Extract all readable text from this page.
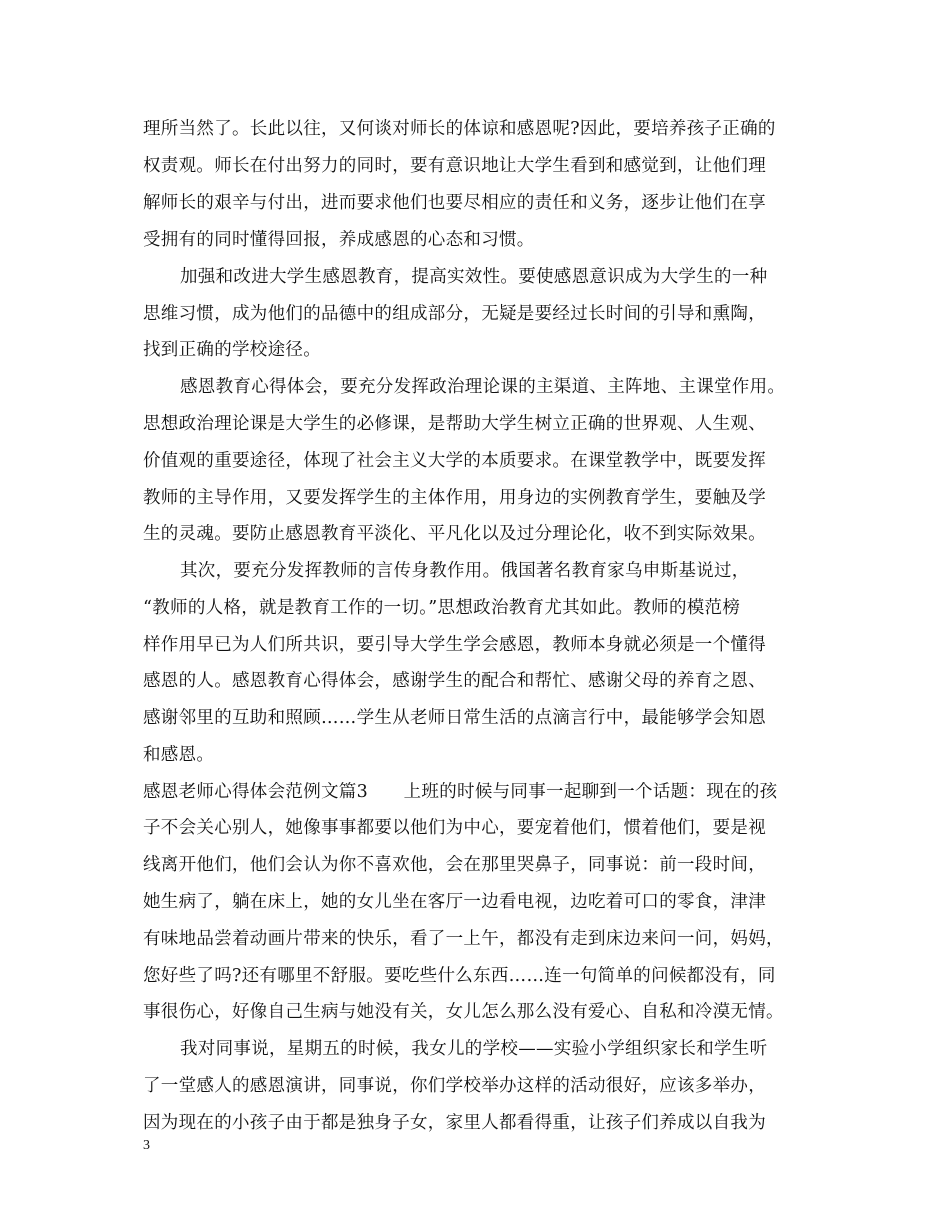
理所当然了。长此以往，又何谈对师长的体谅和感恩呢?因此，要培养孩子正确的
权责观。师长在付出努力的同时，要有意识地让大学生看到和感觉到，让他们理
解师长的艰辛与付出，进而要求他们也要尽相应的责任和义务，逐步让他们在享
受拥有的同时懂得回报，养成感恩的心态和习惯。
加强和改进大学生感恩教育，提高实效性。要使感恩意识成为大学生的一种
思维习惯，成为他们的品德中的组成部分，无疑是要经过长时间的引导和熏陶，
找到正确的学校途径。
感恩教育心得体会，要充分发挥政治理论课的主渠道、主阵地、主课堂作用。
思想政治理论课是大学生的必修课，是帮助大学生树立正确的世界观、人生观、
价值观的重要途径，体现了社会主义大学的本质要求。在课堂教学中，既要发挥
教师的主导作用，又要发挥学生的主体作用，用身边的实例教育学生，要触及学
生的灵魂。要防止感恩教育平淡化、平凡化以及过分理论化，收不到实际效果。
其次，要充分发挥教师的言传身教作用。俄国著名教育家乌申斯基说过，
“教师的人格，就是教育工作的一切。”思想政治教育尤其如此。教师的模范榜
样作用早已为人们所共识，要引导大学生学会感恩，教师本身就必须是一个懂得
感恩的人。感恩教育心得体会，感谢学生的配合和帮忙、感谢父母的养育之恩、
感谢邻里的互助和照顾……学生从老师日常生活的点滴言行中，最能够学会知恩
和感恩。
感恩老师心得体会范例文篇3　　上班的时候与同事一起聊到一个话题：现在的孩
子不会关心别人，她像事事都要以他们为中心，要宠着他们，惯着他们，要是视
线离开他们，他们会认为你不喜欢他，会在那里哭鼻子，同事说：前一段时间，
她生病了，躺在床上，她的女儿坐在客厅一边看电视，边吃着可口的零食，津津
有味地品尝着动画片带来的快乐，看了一上午，都没有走到床边来问一问，妈妈，
您好些了吗?还有哪里不舒服。要吃些什么东西……连一句简单的问候都没有，同
事很伤心，好像自己生病与她没有关，女儿怎么那么没有爱心、自私和冷漠无情。
我对同事说，星期五的时候，我女儿的学校——实验小学组织家长和学生听
了一堂感人的感恩演讲，同事说，你们学校举办这样的活动很好，应该多举办，
因为现在的小孩子由于都是独身子女，家里人都看得重，让孩子们养成以自我为
3
